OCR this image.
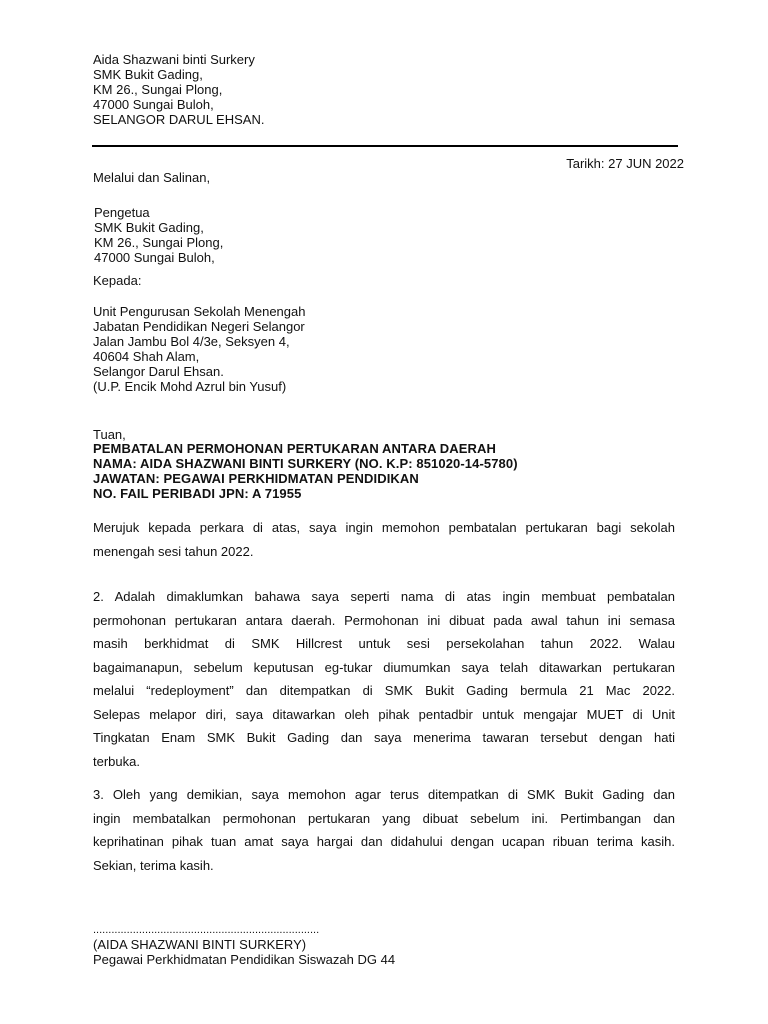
Aida Shazwani binti Surkery
SMK Bukit Gading,
KM 26., Sungai Plong,
47000 Sungai Buloh,
SELANGOR DARUL EHSAN.
Tarikh: 27 JUN 2022
Melalui dan Salinan,
Pengetua
SMK Bukit Gading,
KM 26., Sungai Plong,
47000 Sungai Buloh,
Kepada:
Unit Pengurusan Sekolah Menengah
Jabatan Pendidikan Negeri Selangor
Jalan Jambu Bol 4/3e, Seksyen 4,
40604 Shah Alam,
Selangor Darul Ehsan.
(U.P. Encik Mohd Azrul bin Yusuf)
Tuan,
PEMBATALAN PERMOHONAN PERTUKARAN ANTARA DAERAH
NAMA: AIDA SHAZWANI BINTI SURKERY (NO. K.P: 851020-14-5780)
JAWATAN: PEGAWAI PERKHIDMATAN PENDIDIKAN
NO. FAIL PERIBADI JPN: A 71955
Merujuk kepada perkara di atas, saya ingin memohon pembatalan pertukaran bagi sekolah
menengah sesi tahun 2022.
2. Adalah dimaklumkan bahawa saya seperti nama di atas ingin membuat pembatalan
permohonan pertukaran antara daerah. Permohonan ini dibuat pada awal tahun ini semasa
masih berkhidmat di SMK Hillcrest untuk sesi persekolahan tahun 2022. Walau
bagaimanapun, sebelum keputusan eg-tukar diumumkan saya telah ditawarkan pertukaran
melalui “redeployment” dan ditempatkan di SMK Bukit Gading bermula 21 Mac 2022.
Selepas melapor diri, saya ditawarkan oleh pihak pentadbir untuk mengajar MUET di Unit
Tingkatan Enam SMK Bukit Gading dan saya menerima tawaran tersebut dengan hati
terbuka.
3. Oleh yang demikian, saya memohon agar terus ditempatkan di SMK Bukit Gading dan
ingin membatalkan permohonan pertukaran yang dibuat sebelum ini. Pertimbangan dan
keprihatinan pihak tuan amat saya hargai dan didahului dengan ucapan ribuan terima kasih.
Sekian, terima kasih.
..........................................................................
(AIDA SHAZWANI BINTI SURKERY)
Pegawai Perkhidmatan Pendidikan Siswazah DG 44
